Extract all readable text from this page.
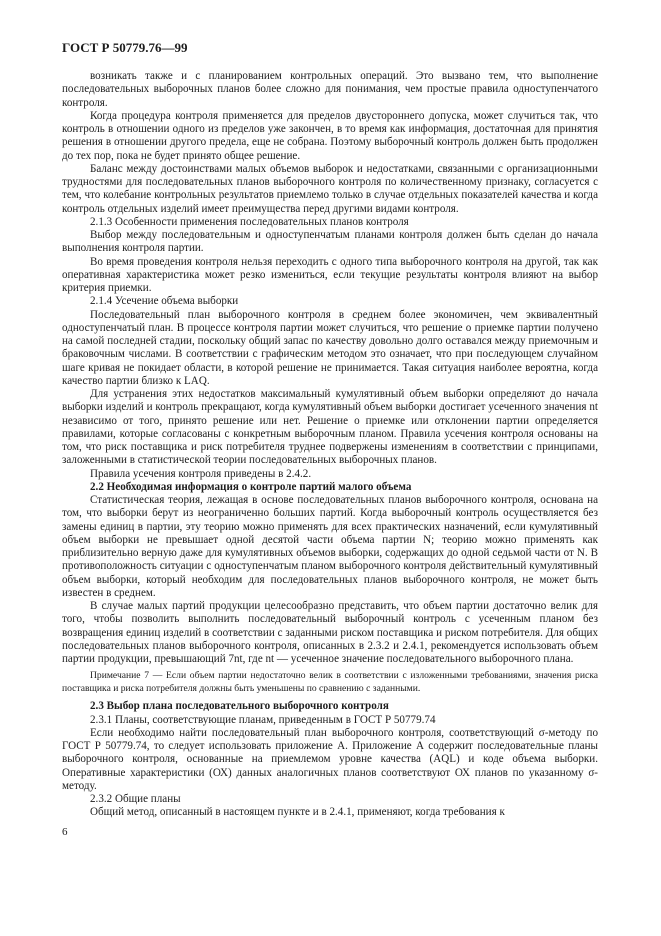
ГОСТ Р 50779.76—99

возникать также и с планированием контрольных операций. Это вызвано тем, что выполнение последовательных выборочных планов более сложно для понимания, чем простые правила одноступенчатого контроля.

Когда процедура контроля применяется для пределов двустороннего допуска, может случиться так, что контроль в отношении одного из пределов уже закончен, в то время как информация, достаточная для принятия решения в отношении другого предела, еще не собрана. Поэтому выборочный контроль должен быть продолжен до тех пор, пока не будет принято общее решение.

Баланс между достоинствами малых объемов выборок и недостатками, связанными с организационными трудностями для последовательных планов выборочного контроля по количественному признаку, согласуется с тем, что колебание контрольных результатов приемлемо только в случае отдельных показателей качества и когда контроль отдельных изделий имеет преимущества перед другими видами контроля.

2.1.3 Особенности применения последовательных планов контроля

Выбор между последовательным и одноступенчатым планами контроля должен быть сделан до начала выполнения контроля партии.

Во время проведения контроля нельзя переходить с одного типа выборочного контроля на другой, так как оперативная характеристика может резко измениться, если текущие результаты контроля влияют на выбор критерия приемки.

2.1.4 Усечение объема выборки

Последовательный план выборочного контроля в среднем более экономичен, чем эквивалентный одноступенчатый план. В процессе контроля партии может случиться, что решение о приемке партии получено на самой последней стадии, поскольку общий запас по качеству довольно долго оставался между приемочным и браковочным числами. В соответствии с графическим методом это означает, что при последующем случайном шаге кривая не покидает области, в которой решение не принимается. Такая ситуация наиболее вероятна, когда качество партии близко к LAQ.

Для устранения этих недостатков максимальный кумулятивный объем выборки определяют до начала выборки изделий и контроль прекращают, когда кумулятивный объем выборки достигает усеченного значения nt независимо от того, принято решение или нет. Решение о приемке или отклонении партии определяется правилами, которые согласованы с конкретным выборочным планом. Правила усечения контроля основаны на том, что риск поставщика и риск потребителя труднее подвержены изменениям в соответствии с принципами, заложенными в статистической теории последовательных выборочных планов.

Правила усечения контроля приведены в 2.4.2.

2.2 Необходимая информация о контроле партий малого объема

Статистическая теория, лежащая в основе последовательных планов выборочного контроля, основана на том, что выборки берут из неограниченно больших партий. Когда выборочный контроль осуществляется без замены единиц в партии, эту теорию можно применять для всех практических назначений, если кумулятивный объем выборки не превышает одной десятой части объема партии N; теорию можно применять как приблизительно верную даже для кумулятивных объемов выборки, содержащих до одной седьмой части от N. В противоположность ситуации с одноступенчатым планом выборочного контроля действительный кумулятивный объем выборки, который необходим для последовательных планов выборочного контроля, не может быть известен в среднем.

В случае малых партий продукции целесообразно представить, что объем партии достаточно велик для того, чтобы позволить выполнить последовательный выборочный контроль с усеченным планом без возвращения единиц изделий в соответствии с заданными риском поставщика и риском потребителя. Для общих последовательных планов выборочного контроля, описанных в 2.3.2 и 2.4.1, рекомендуется использовать объем партии продукции, превышающий 7nt, где nt — усеченное значение последовательного выборочного плана.

Примечание 7 — Если объем партии недостаточно велик в соответствии с изложенными требованиями, значения риска поставщика и риска потребителя должны быть уменьшены по сравнению с заданными.

2.3 Выбор плана последовательного выборочного контроля

2.3.1 Планы, соответствующие планам, приведенным в ГОСТ Р 50779.74

Если необходимо найти последовательный план выборочного контроля, соответствующий σ-методу по ГОСТ Р 50779.74, то следует использовать приложение А. Приложение А содержит последовательные планы выборочного контроля, основанные на приемлемом уровне качества (AQL) и коде объема выборки. Оперативные характеристики (ОХ) данных аналогичных планов соответствуют ОХ планов по указанному σ-методу.

2.3.2 Общие планы

Общий метод, описанный в настоящем пункте и в 2.4.1, применяют, когда требования к

6
